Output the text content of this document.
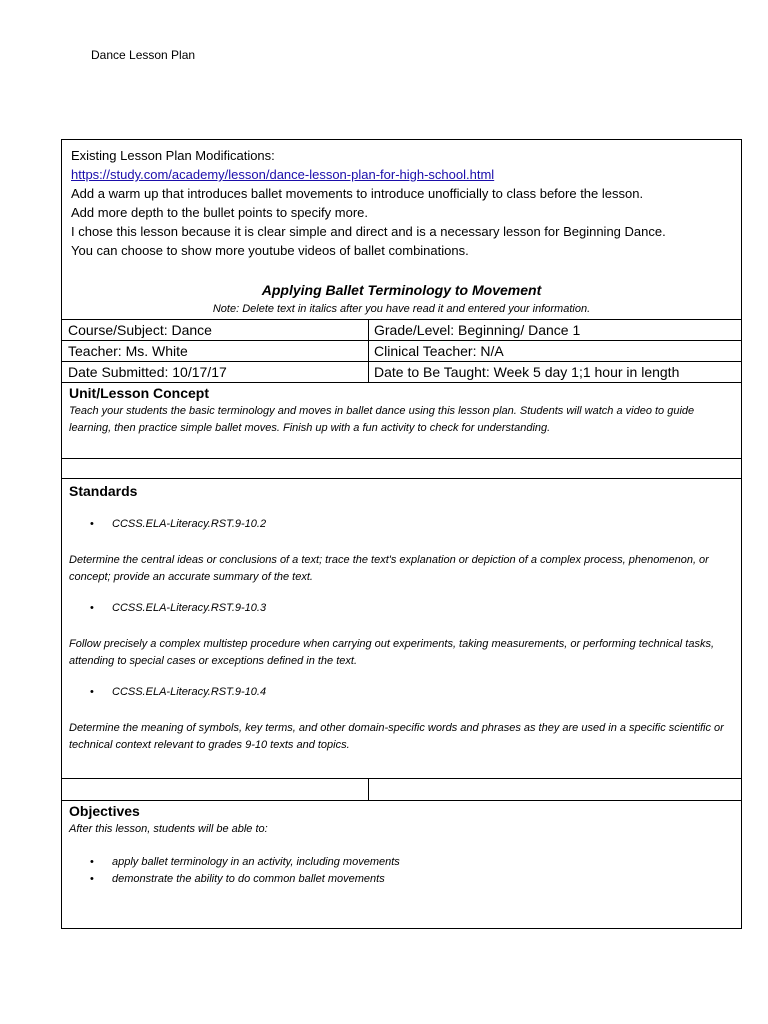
Dance Lesson Plan
Existing Lesson Plan Modifications:
https://study.com/academy/lesson/dance-lesson-plan-for-high-school.html
Add a warm up that introduces ballet movements to introduce unofficially to class before the lesson.
Add more depth to the bullet points to specify more.
I chose this lesson because it is clear simple and direct and is a necessary lesson for Beginning Dance.
You can choose to show more youtube videos of ballet combinations.
Applying Ballet Terminology to Movement
Note: Delete text in italics after you have read it and entered your information.
Course/Subject: Dance	Grade/Level: Beginning/ Dance 1
Teacher: Ms. White	Clinical Teacher: N/A
Date Submitted: 10/17/17	Date to Be Taught: Week 5 day 1;1 hour in length
Unit/Lesson Concept
Teach your students the basic terminology and moves in ballet dance using this lesson plan. Students will watch a video to guide learning, then practice simple ballet moves. Finish up with a fun activity to check for understanding.
Standards
• CCSS.ELA-Literacy.RST.9-10.2
Determine the central ideas or conclusions of a text; trace the text's explanation or depiction of a complex process, phenomenon, or concept; provide an accurate summary of the text.
• CCSS.ELA-Literacy.RST.9-10.3
Follow precisely a complex multistep procedure when carrying out experiments, taking measurements, or performing technical tasks, attending to special cases or exceptions defined in the text.
• CCSS.ELA-Literacy.RST.9-10.4
Determine the meaning of symbols, key terms, and other domain-specific words and phrases as they are used in a specific scientific or technical context relevant to grades 9-10 texts and topics.
Objectives
After this lesson, students will be able to:
• apply ballet terminology in an activity, including movements
• demonstrate the ability to do common ballet movements
